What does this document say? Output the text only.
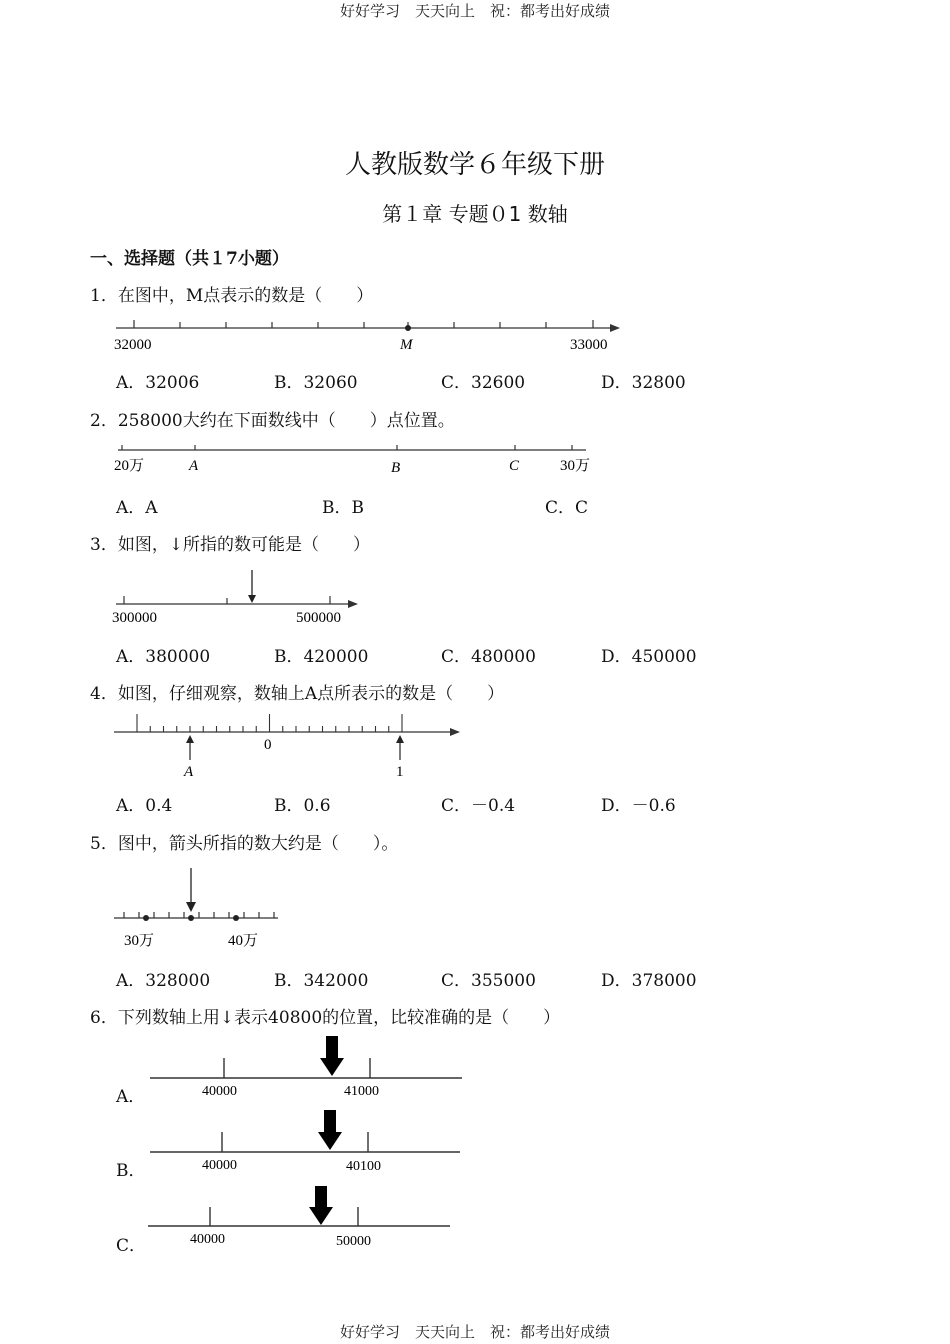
好好学习　天天向上　祝：都考出好成绩
好好学习　天天向上　祝：都考出好成绩
人教版数学６年级下册
第１章 专题０1 数轴
一、选择题（共１7小题）
1．在图中，M点表示的数是（　　）
32000	M	33000
A．32006	B．32060	C．32600	D．32800
2．258000大约在下面数线中（　　）点位置。
20万	A	B	C	30万
A．A	B．B	C．C
3．如图，↓所指的数可能是（　　）
300000	500000
A．380000	B．420000	C．480000	D．450000
4．如图，仔细观察，数轴上A点所表示的数是（　　）
0
A	1
A．0.4	B．0.6	C．－0.4	D．－0.6
5．图中，箭头所指的数大约是（　　）。
30万	40万
A．328000	B．342000	C．355000	D．378000
6．下列数轴上用↓表示40800的位置，比较准确的是（　　）
A．	40000	41000
B．	40000	40100
C．	40000	50000
